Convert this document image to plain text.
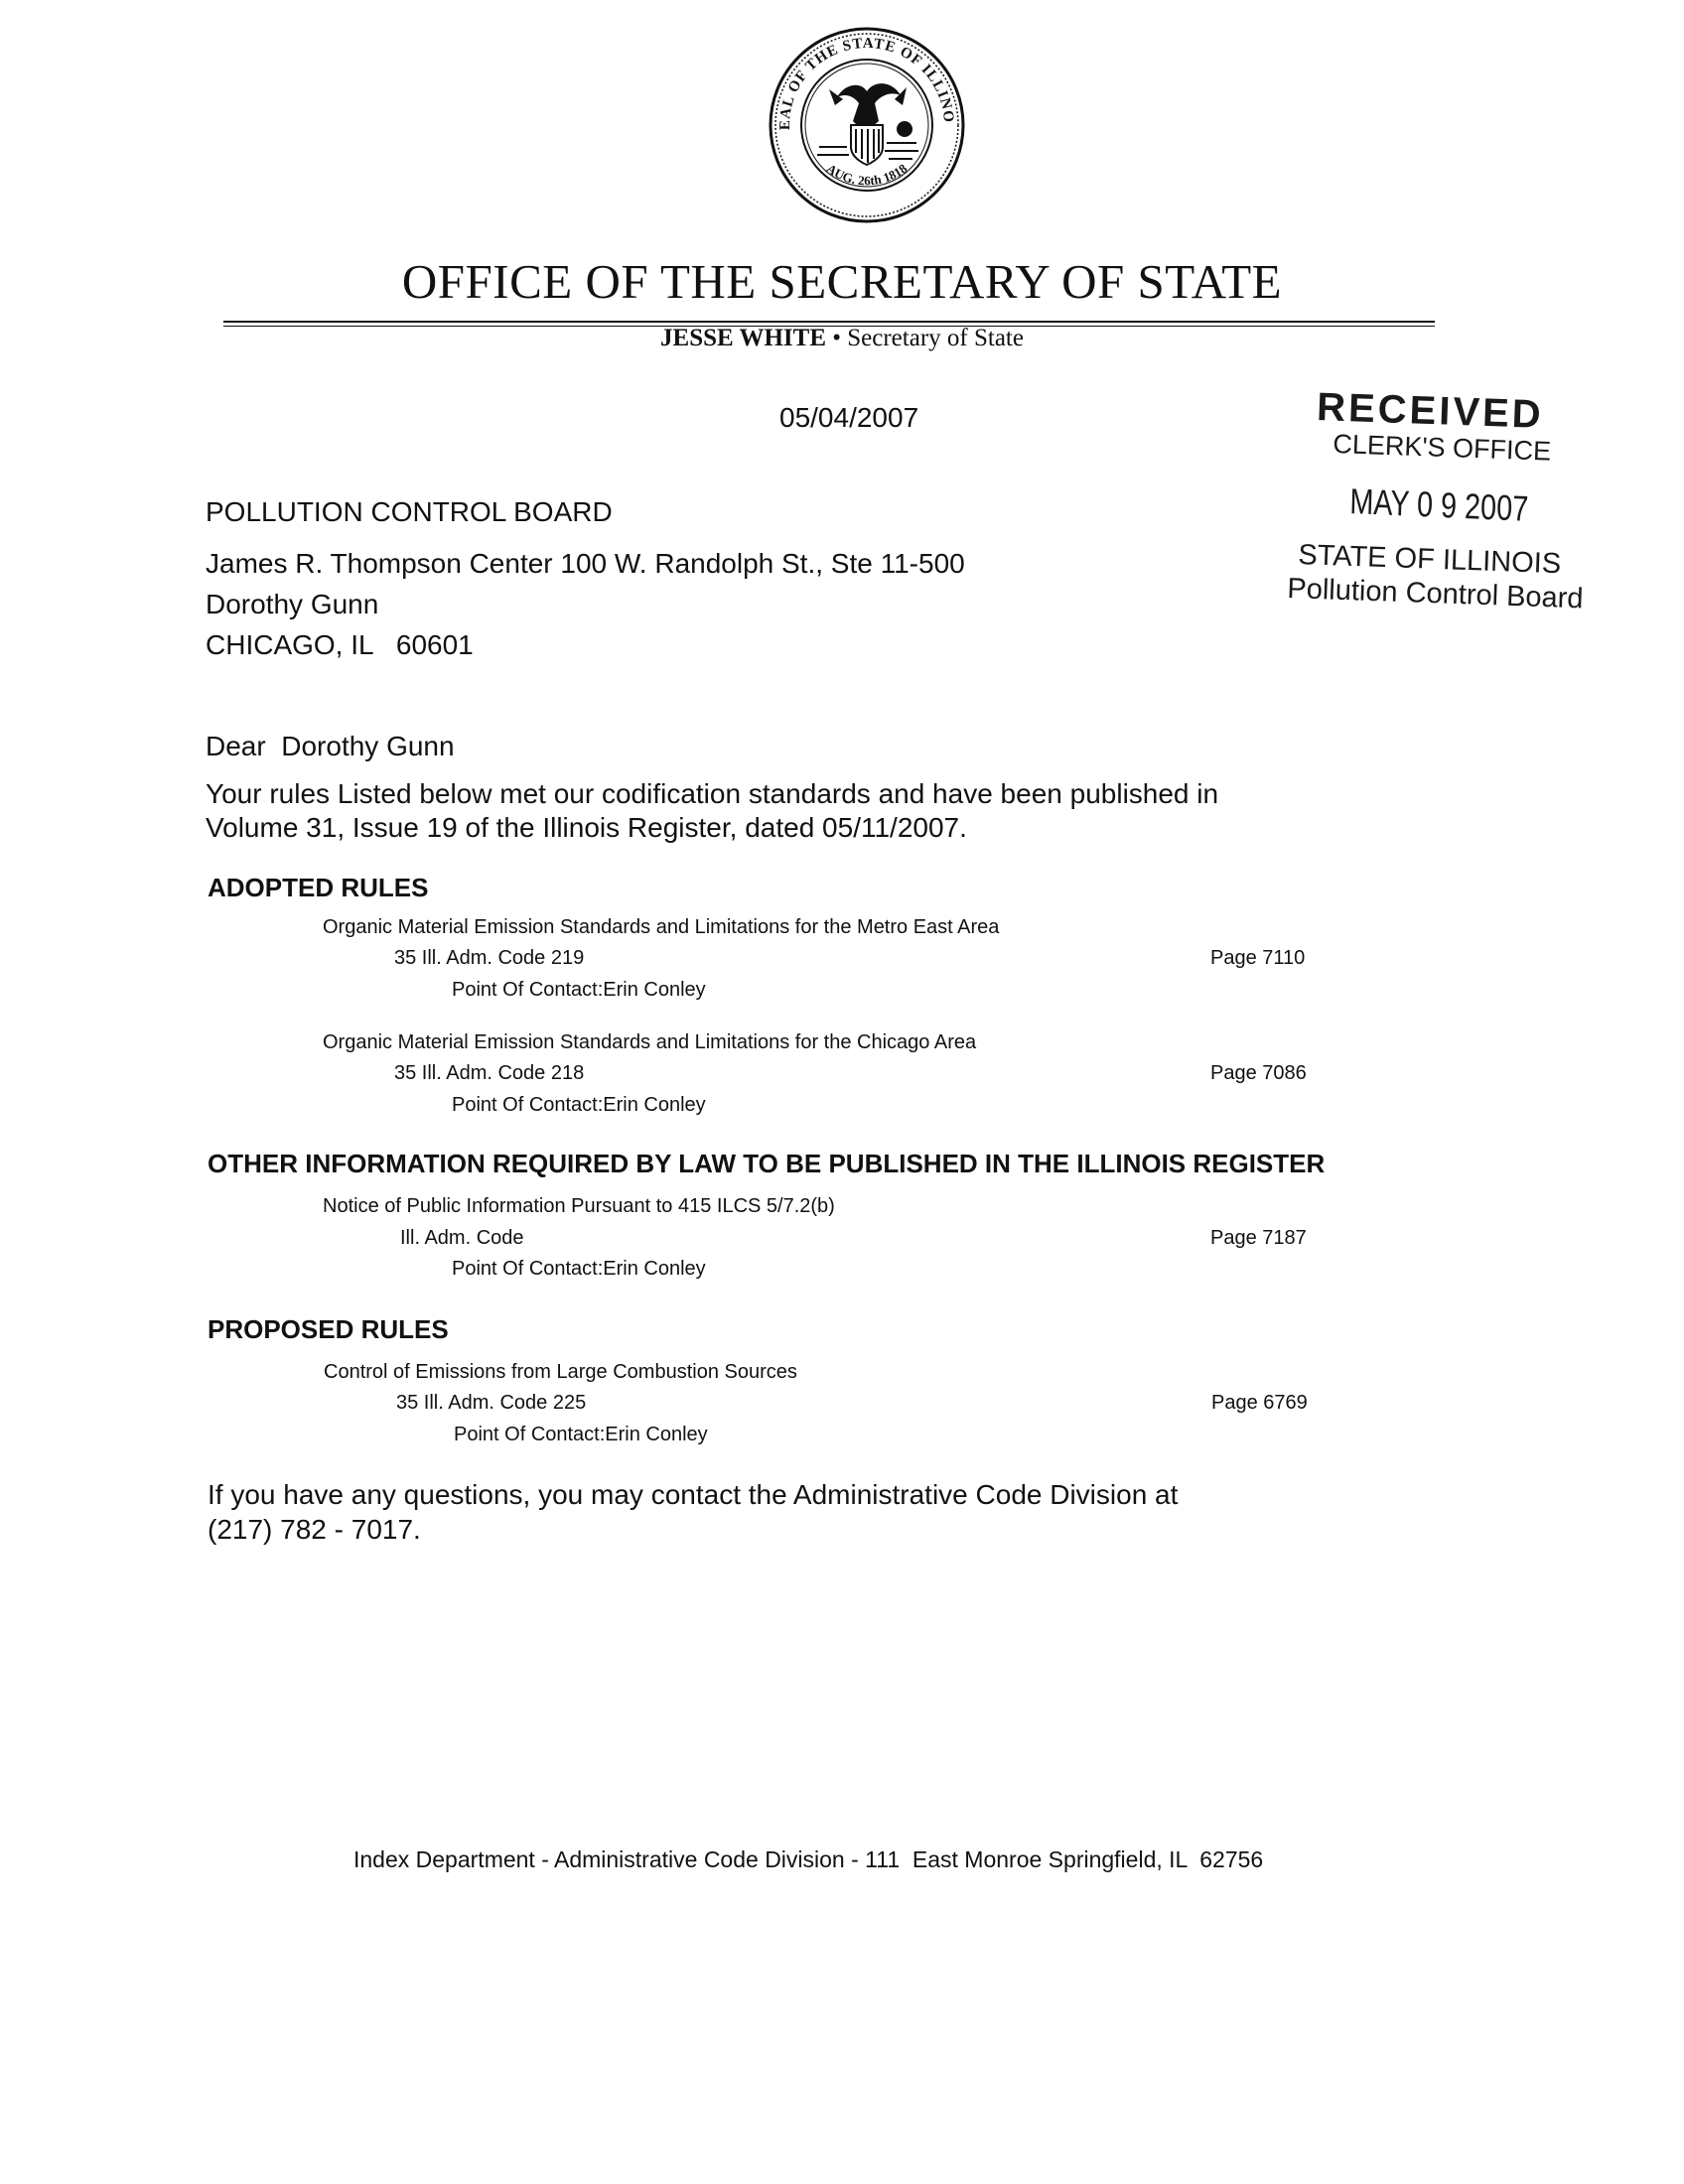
EAL OF THE STATE OF ILLINO
AUG. 26th 1818
OFFICE OF THE SECRETARY OF STATE
JESSE WHITE • Secretary of State
05/04/2007	RECEIVED
CLERK'S OFFICE
MAY 0 9 2007
STATE OF ILLINOIS
Pollution Control Board
POLLUTION CONTROL BOARD
James R. Thompson Center 100 W. Randolph St., Ste 11-500
Dorothy Gunn
CHICAGO, IL   60601
Dear  Dorothy Gunn
Your rules Listed below met our codification standards and have been published in
Volume 31, Issue 19 of the Illinois Register, dated 05/11/2007.
ADOPTED RULES
Organic Material Emission Standards and Limitations for the Metro East Area
35 Ill. Adm. Code 219
Point Of Contact:Erin Conley
Page 7110
Organic Material Emission Standards and Limitations for the Chicago Area
35 Ill. Adm. Code 218
Point Of Contact:Erin Conley
Page 7086
OTHER INFORMATION REQUIRED BY LAW TO BE PUBLISHED IN THE ILLINOIS REGISTER
Notice of Public Information Pursuant to 415 ILCS 5/7.2(b)
Ill. Adm. Code
Point Of Contact:Erin Conley
Page 7187
PROPOSED RULES
Control of Emissions from Large Combustion Sources
35 Ill. Adm. Code 225
Point Of Contact:Erin Conley
Page 6769
If you have any questions, you may contact the Administrative Code Division at
(217) 782 - 7017.
Index Department - Administrative Code Division - 111  East Monroe Springfield, IL  62756
